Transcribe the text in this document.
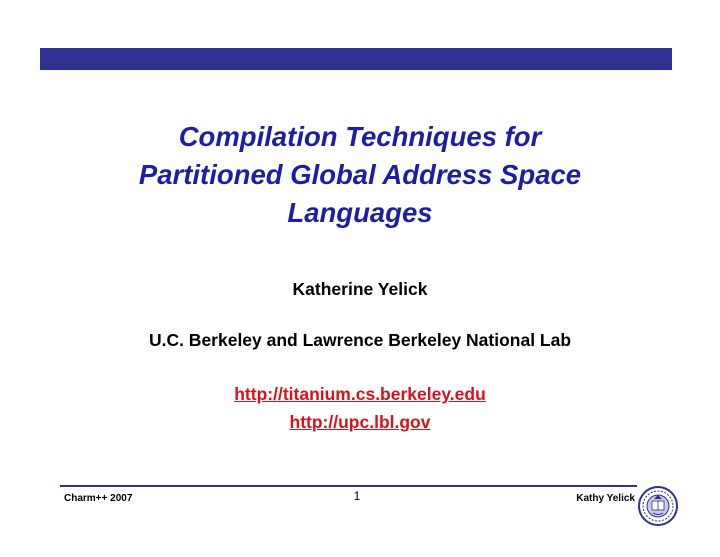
Compilation Techniques for
Partitioned Global Address Space
Languages
Katherine Yelick
U.C. Berkeley and Lawrence Berkeley National Lab
http://titanium.cs.berkeley.edu
http://upc.lbl.gov
Charm++ 2007	1	Kathy Yelick
